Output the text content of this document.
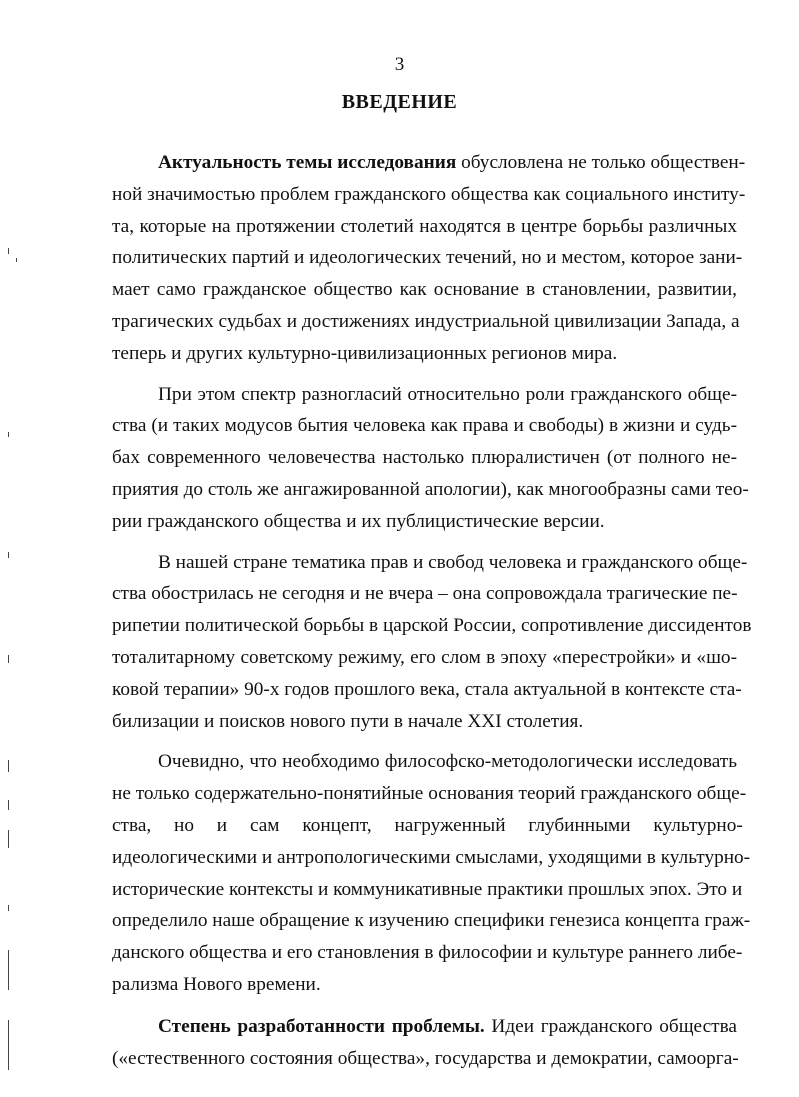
3
ВВЕДЕНИЕ
Актуальность темы исследования обусловлена не только обществен-
ной значимостью проблем гражданского общества как социального институ-
та, которые на протяжении столетий находятся в центре борьбы различных
политических партий и идеологических течений, но и местом, которое зани-
мает само гражданское общество как основание в становлении, развитии,
трагических судьбах и достижениях индустриальной цивилизации Запада, а
теперь и других культурно-цивилизационных регионов мира.
При этом спектр разногласий относительно роли гражданского обще-
ства (и таких модусов бытия человека как права и свободы) в жизни и судь-
бах современного человечества настолько плюралистичен (от полного не-
приятия до столь же ангажированной апологии), как многообразны сами тео-
рии гражданского общества и их публицистические версии.
В нашей стране тематика прав и свобод человека и гражданского обще-
ства обострилась не сегодня и не вчера – она сопровождала трагические пе-
рипетии политической борьбы в царской России, сопротивление диссидентов
тоталитарному советскому режиму, его слом в эпоху «перестройки» и «шо-
ковой терапии» 90-х годов прошлого века, стала актуальной в контексте ста-
билизации и поисков нового пути в начале XXI столетия.
Очевидно, что необходимо философско-методологически исследовать
не только содержательно-понятийные основания теорий гражданского обще-
ства, но и сам концепт, нагруженный глубинными культурно-
идеологическими и антропологическими смыслами, уходящими в культурно-
исторические контексты и коммуникативные практики прошлых эпох. Это и
определило наше обращение к изучению специфики генезиса концепта граж-
данского общества и его становления в философии и культуре раннего либе-
рализма Нового времени.
Степень разработанности проблемы. Идеи гражданского общества
(«естественного состояния общества», государства и демократии, самоорга-
